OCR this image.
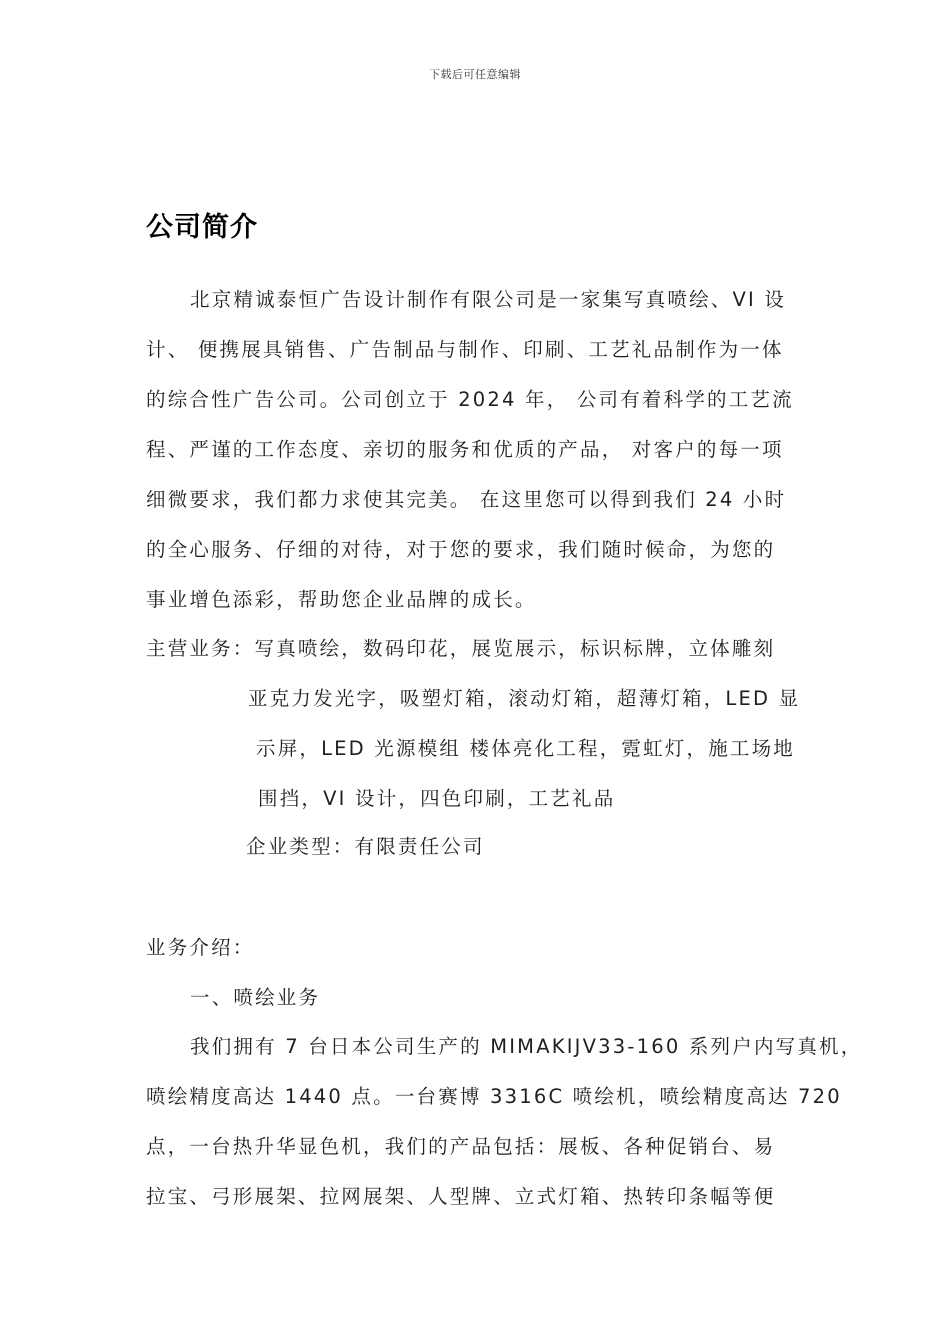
下载后可任意编辑
公司简介
北京精诚泰恒广告设计制作有限公司是一家集写真喷绘、VI 设
计、 便携展具销售、广告制品与制作、印刷、工艺礼品制作为一体
的综合性广告公司。公司创立于 2024 年， 公司有着科学的工艺流
程、严谨的工作态度、亲切的服务和优质的产品， 对客户的每一项
细微要求，我们都力求使其完美。 在这里您可以得到我们 24 小时
的全心服务、仔细的对待，对于您的要求，我们随时候命，为您的
事业增色添彩，帮助您企业品牌的成长。
主营业务：写真喷绘，数码印花，展览展示，标识标牌，立体雕刻
亚克力发光字，吸塑灯箱，滚动灯箱，超薄灯箱，LED 显
示屏，LED 光源模组 楼体亮化工程，霓虹灯，施工场地
围挡，VI 设计，四色印刷，工艺礼品
企业类型：有限责任公司
业务介绍：
一、喷绘业务
我们拥有 7 台日本公司生产的 MIMAKIJV33-160 系列户内写真机，
喷绘精度高达 1440 点。一台赛博 3316C 喷绘机，喷绘精度高达 720
点，一台热升华显色机，我们的产品包括：展板、各种促销台、易
拉宝、弓形展架、拉网展架、人型牌、立式灯箱、热转印条幅等便
